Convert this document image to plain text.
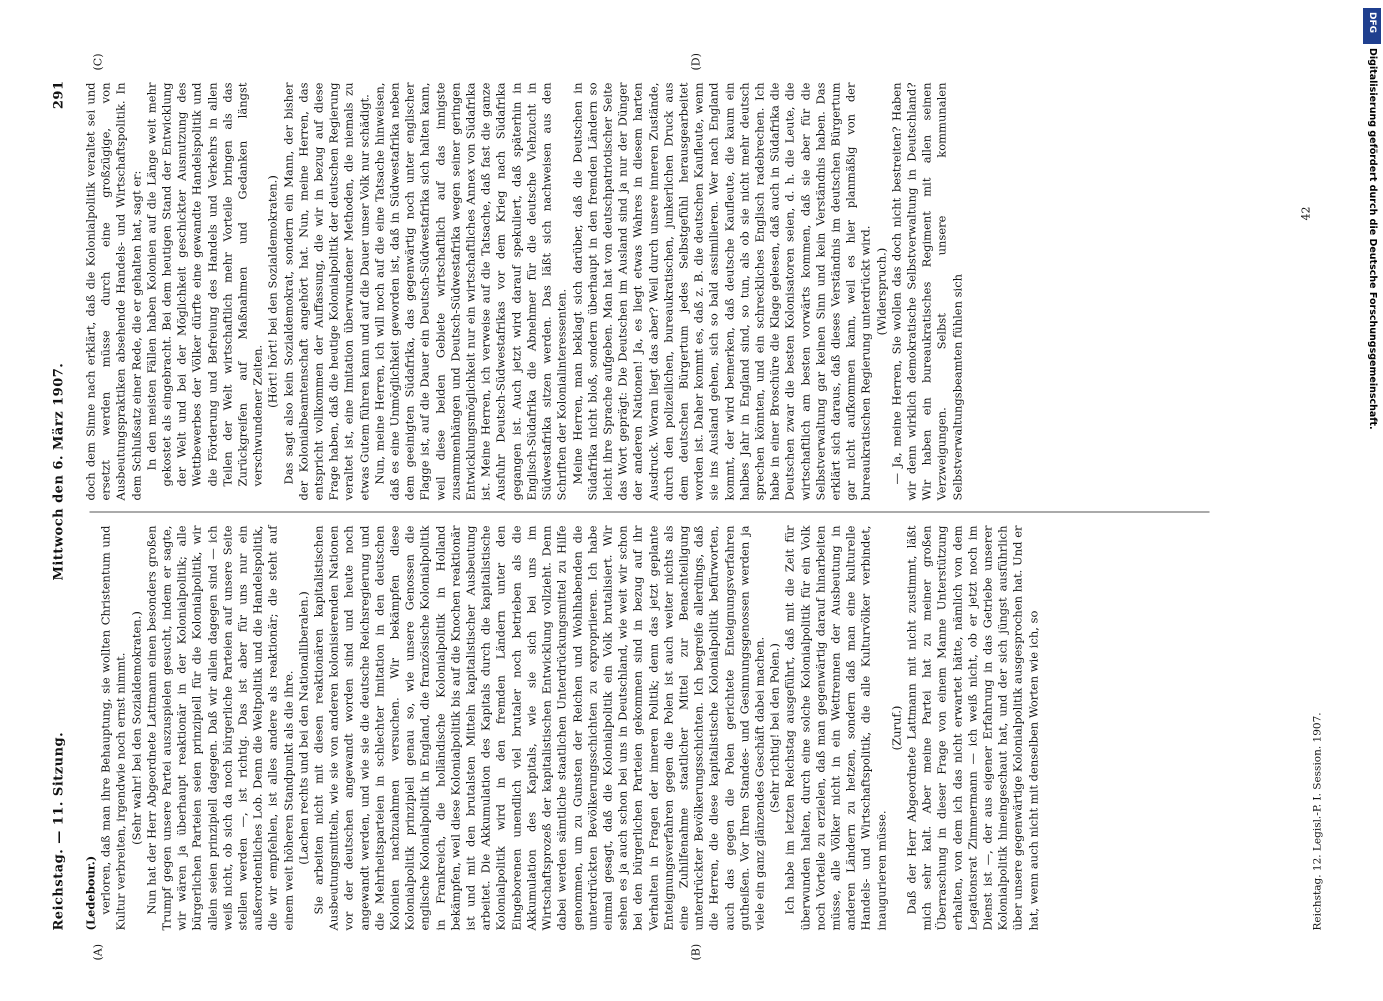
Reichstag. — 11. Sitzung.
Mittwoch den 6. März 1907.
291
(A)	(B)
(C)	(D)

(Ledebour.) verloren, daß man ihre Behauptung, sie wollten Christentum und Kultur verbreiten, irgendwie noch ernst nimmt. (Sehr wahr! bei den Sozialdemokraten.) Nun hat der Herr Abgeordnete Lattmann einen besonders großen Trumpf gegen unsere Partei auszuspielen gesucht, indem er sagte, wir wären ja überhaupt reaktionär in der Kolonialpolitik; alle bürgerlichen Parteien seien prinzipiell für die Kolonialpolitik, wir allein seien prinzipiell dagegen. Daß wir allein dagegen sind — ich weiß nicht, ob sich da noch bürgerliche Parteien auf unsere Seite stellen werden —, ist richtig. Das ist aber für uns nur ein außerordentliches Lob. Denn die Weltpolitik und die Handelspolitik, die wir empfehlen, ist alles andere als reaktionär; die steht auf einem weit höheren Standpunkt als die ihre. (Lachen rechts und bei den Nationalliberalen.) Sie arbeiten nicht mit diesen reaktionären kapitalistischen Ausbeutungsmitteln, wie sie von anderen kolonisierenden Nationen vor der deutschen angewandt worden sind und heute noch angewandt werden, und wie sie die deutsche Reichsregierung und die Mehrheitsparteien in schlechter Imitation in den deutschen Kolonien nachzuahmen versuchen. Wir bekämpfen diese Kolonialpolitik prinzipiell genau so, wie unsere Genossen die englische Kolonialpolitik in England, die französische Kolonialpolitik in Frankreich, die holländische Kolonialpolitik in Holland bekämpfen, weil diese Kolonialpolitik bis auf die Knochen reaktionär ist und mit den brutalsten Mitteln kapitalistischer Ausbeutung arbeitet. Die Akkumulation des Kapitals durch die kapitalistische Kolonialpolitik wird in den fremden Ländern unter den Eingeborenen unendlich viel brutaler noch betrieben als die Akkumulation des Kapitals, wie sie sich bei uns im Wirtschaftsprozeß der kapitalistischen Entwicklung vollzieht. Denn dabei werden sämtliche staatlichen Unterdrückungsmittel zu Hilfe genommen, um zu Gunsten der Reichen und Wohlhabenden die unterdrückten Bevölkerungsschichten zu expropriieren. Ich habe einmal gesagt, daß die Kolonialpolitik ein Volk brutalisiert. Wir sehen es ja auch schon bei uns in Deutschland, wie weit wir schon bei den bürgerlichen Parteien gekommen sind in bezug auf ihr Verhalten in Fragen der inneren Politik; denn das jetzt geplante Enteignungsverfahren gegen die Polen ist auch weiter nichts als eine Zuhilfenahme staatlicher Mittel zur Benachteiligung unterdrückter Bevölkerungsschichten. Ich begreife allerdings, daß die Herren, die diese kapitalistische Kolonialpolitik befürworten, auch das gegen die Polen gerichtete Enteignungsverfahren gutheißen. Vor Ihren Standes- und Gesinnungsgenossen werden ja viele ein ganz glänzendes Geschäft dabei machen. (Sehr richtig! bei den Polen.) Ich habe im letzten Reichstag ausgeführt, daß mit die Zeit für überwunden halten, durch eine solche Kolonialpolitik für ein Volk noch Vorteile zu erzielen, daß man gegenwärtig darauf hinarbeiten müsse, alle Völker nicht in ein Wettrennen der Ausbeutung in anderen Ländern zu hetzen, sondern daß man eine kulturelle Handels- und Wirtschaftspolitik, die alle Kulturvölker verbindet, inaugurieren müsse.

(Zuruf.) Daß der Herr Abgeordnete Lattmann mit nicht zustimmt, läßt mich sehr kalt. Aber meine Partei hat zu meiner großen Überraschung in dieser Frage von einem Manne Unterstützung erhalten, von dem ich das nicht erwartet hätte, nämlich von dem Legationsrat Zimmermann — ich weiß nicht, ob er jetzt noch im Dienst ist —, der aus eigener Erfahrung in das Getriebe unserer Kolonialpolitik hineingeschaut hat, und der sich jüngst ausführlich über unsere gegenwärtige Kolonialpolitik ausgesprochen hat. Und er hat, wenn auch nicht mit denselben Worten wie ich, so

doch dem Sinne nach erklärt, daß die Kolonialpolitik veraltet sei und ersetzt werden müsse durch eine großzügige, von Ausbeutungspraktiken absehende Handels- und Wirtschaftspolitik. In dem Schlußsatz einer Rede, die er gehalten hat, sagt er: In den meisten Fällen haben Kolonien auf die Länge weit mehr gekostet als eingebracht. Bei dem heutigen Stand der Entwicklung der Welt und bei der Möglichkeit geschickter Ausnutzung des Wettbewerbes der Völker dürfte eine gewandte Handelspolitik und die Förderung und Befreiung des Handels und Verkehrs in allen Teilen der Welt wirtschaftlich mehr Vorteile bringen als das Zurückgreifen auf Maßnahmen und Gedanken längst verschwundener Zeiten.

(Hört! hört! bei den Sozialdemokraten.) Das sagt also kein Sozialdemokrat, sondern ein Mann, der bisher der Kolonialbeamtenschaft angehört hat. Nun, meine Herren, das entspricht vollkommen der Auffassung, die wir in bezug auf diese Frage haben, daß die heutige Kolonialpolitik der deutschen Regierung veraltet ist, eine Imitation überwundener Methoden, die niemals zu etwas Gutem führen kann und auf die Dauer unser Volk nur schädigt. Nun, meine Herren, ich will noch auf die eine Tatsache hinweisen, daß es eine Unmöglichkeit geworden ist, daß in Südwestafrika neben dem geeinigten Südafrika, das gegenwärtig noch unter englischer Flagge ist, auf die Dauer ein Deutsch-Südwestafrika sich halten kann, weil diese beiden Gebiete wirtschaftlich auf das innigste zusammenhängen und Deutsch-Südwestafrika wegen seiner geringen Entwicklungsmöglichkeit nur ein wirtschaftliches Annex von Südafrika ist. Meine Herren, ich verweise auf die Tatsache, daß fast die ganze Ausfuhr Deutsch-Südwestafrikas vor dem Krieg nach Südafrika gegangen ist. Auch jetzt wird darauf spekuliert, daß späterhin in Englisch-Südafrika die Abnehmer für die deutsche Viehzucht in Südwestafrika sitzen werden. Das läßt sich nachweisen aus den Schriften der Kolonialinteressenten. Meine Herren, man beklagt sich darüber, daß die Deutschen in Südafrika nicht bloß, sondern überhaupt in den fremden Ländern so leicht ihre Sprache aufgeben. Man hat von deutschpatriotischer Seite das Wort geprägt: Die Deutschen im Ausland sind ja nur der Dünger der anderen Nationen! Ja, es liegt etwas Wahres in diesem harten Ausdruck. Woran liegt das aber? Weil durch unsere inneren Zustände, durch den polizeilichen, bureaukratischen, junkerlichen Druck aus dem deutschen Bürgertum jedes Selbstgefühl herausgearbeitet worden ist. Daher kommt es, daß z. B. die deutschen Kaufleute, wenn sie ins Ausland gehen, sich so bald assimilieren. Wer nach England kommt, der wird bemerken, daß deutsche Kaufleute, die kaum ein halbes Jahr in England sind, so tun, als ob sie nicht mehr deutsch sprechen könnten, und ein schreckliches Englisch radebrechen. Ich habe in einer Broschüre die Klage gelesen, daß auch in Südafrika die Deutschen zwar die besten Kolonisatoren seien, d. h. die Leute, die wirtschaftlich am besten vorwärts kommen, daß sie aber für die Selbstverwaltung gar keinen Sinn und kein Verständnis haben. Das erklärt sich daraus, daß dieses Verständnis im deutschen Bürgertum gar nicht aufkommen kann, weil es hier planmäßig von der bureaukratischen Regierung unterdrückt wird. (Widerspruch.) — Ja, meine Herren, Sie wollen das doch nicht bestreiten? Haben wir denn wirklich demokratische Selbstverwaltung in Deutschland? Wir haben ein bureaukratisches Regiment mit allen seinen Verzweigungen. Selbst unsere kommunalen Selbstverwaltungsbeamten fühlen sich

Reichstag. 12. Legisl.-P. I. Session. 1907.
42
DFG
Digitalisierung gefördert durch die Deutsche Forschungsgemeinschaft.
